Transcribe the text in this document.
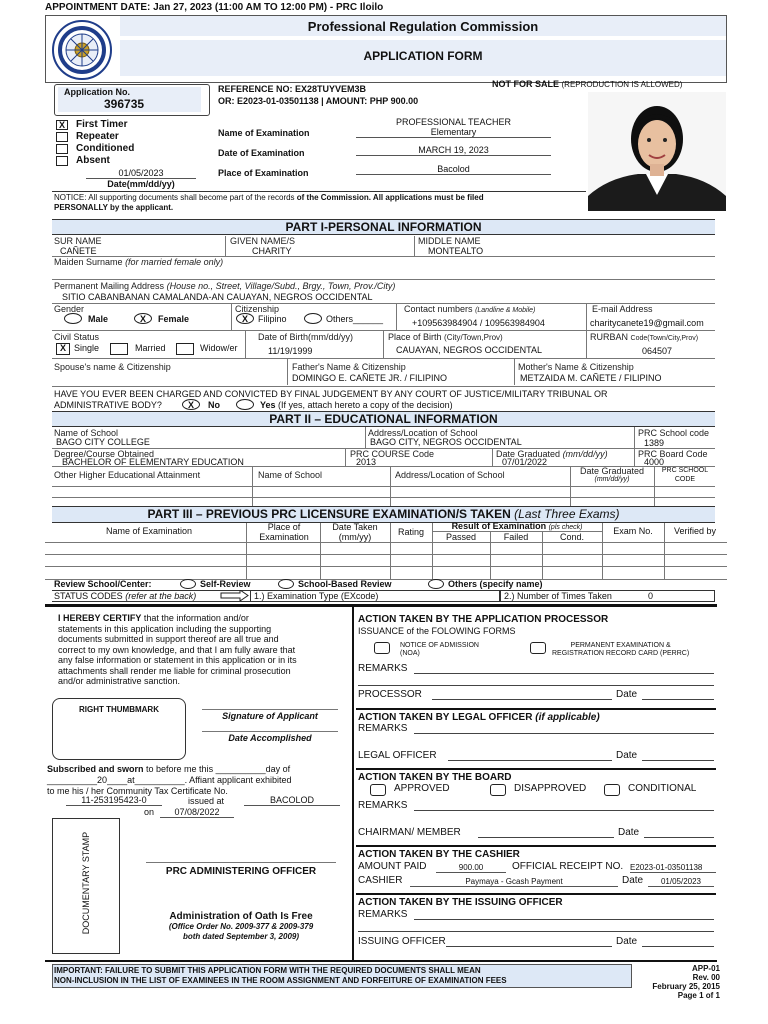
APPOINTMENT DATE: Jan 27, 2023 (11:00 AM TO 12:00 PM) - PRC Iloilo
Professional Regulation Commission
APPLICATION FORM
Application No.
396735
REFERENCE NO: EX28TUYVEM3B
OR: E2023-01-03501138 | AMOUNT: PHP 900.00
NOT FOR SALE (REPRODUCTION IS ALLOWED)
X	First Timer
Repeater
Conditioned
Absent
01/05/2023
Date(mm/dd/yy)
Name of Examination
PROFESSIONAL TEACHER
Elementary
Date of Examination	MARCH 19, 2023
Place of Examination	Bacolod
NOTICE: All supporting documents shall become part of the records of the Commission. All applications must be filed
PERSONALLY by the applicant.
PART I-PERSONAL INFORMATION
SUR NAME
CAÑETE
GIVEN NAME/S
CHARITY
MIDDLE NAME
MONTEALTO
Maiden Surname (for married female only)
Permanent Mailing Address (House no., Street, Village/Subd., Brgy., Town, Prov./City)
SITIO CABANBANAN CAMALANDA-AN CAUAYAN, NEGROS OCCIDENTAL
Gender
Male	X	Female
Citizenship
X	Filipino	Others______
Contact numbers (Landline & Mobile)
+109563984904 / 109563984904
E-mail Address
charitycanete19@gmail.com
Civil Status
X Single	Married	Widow/er
Date of Birth(mm/dd/yy)
11/19/1999
Place of Birth (City/Town,Prov)
CAUAYAN, NEGROS OCCIDENTAL
RURBAN Code(Town/City,Prov)
064507
Spouse's name & Citizenship	Father's Name & Citizenship
DOMINGO E. CAÑETE JR. / FILIPINO
Mother's Name & Citizenship
METZAIDA M. CAÑETE / FILIPINO
HAVE YOU EVER BEEN CHARGED AND CONVICTED BY FINAL JUDGEMENT BY ANY COURT OF JUSTICE/MILITARY TRIBUNAL OR
ADMINISTRATIVE BODY?	X	No	Yes (If yes, attach hereto a copy of the decision)
PART II – EDUCATIONAL INFORMATION
Name of School
BAGO CITY COLLEGE
Address/Location of School
BAGO CITY, NEGROS OCCIDENTAL
PRC School code
1389
Degree/Course Obtained
BACHELOR OF ELEMENTARY EDUCATION
PRC COURSE Code
2013
Date Graduated (mm/dd/yy)
07/01/2022
PRC Board Code
4000
Other Higher Educational Attainment	Name of School	Address/Location of School	Date Graduated
(mm/dd/yy)
PRC SCHOOL CODE
PART III – PREVIOUS PRC LICENSURE EXAMINATION/S TAKEN (Last Three Exams)
Name of Examination	Place of Examination
Date Taken (mm/yy)	Rating
Result of Examination (pls check)
Passed	Failed	Cond.
Exam No.	Verified by
Review School/Center:	Self-Review	School-Based Review	Others (specify name)
STATUS CODES (refer at the back)	1.) Examination Type (EXcode)	2.) Number of Times Taken	0
I HEREBY CERTIFY that the information and/or
statements in this application including the supporting
documents submitted in support thereof are all true and
correct to my own knowledge, and that I am fully aware that
any false information or statement in this application or in its
attachments shall render me liable for criminal prosecution
and/or administrative sanction.
RIGHT THUMBMARK
Signature of Applicant
Date Accomplished
Subscribed and sworn to before me this __________day of
__________20____at__________. Affiant applicant exhibited
to me his / her Community Tax Certificate No.
11-253195423-0	issued at	BACOLOD
on	07/08/2022
DOCUMENTARY STAMP	PRC ADMINISTERING OFFICER
Administration of Oath Is Free
(Office Order No. 2009-377 & 2009-379
both dated September 3, 2009)
ACTION TAKEN BY THE APPLICATION PROCESSOR
ISSUANCE of the FOLOWING FORMS
NOTICE OF ADMISSION
(NOA)
PERMANENT EXAMINATION &
REGISTRATION RECORD CARD (PERRC)
REMARKS
PROCESSOR	Date
ACTION TAKEN BY LEGAL OFFICER (if applicable)
REMARKS
LEGAL OFFICER	Date
ACTION TAKEN BY THE BOARD
APPROVED	DISAPPROVED	CONDITIONAL
REMARKS
CHAIRMAN/ MEMBER	Date
ACTION TAKEN BY THE CASHIER
AMOUNT PAID	900.00	OFFICIAL RECEIPT NO. E2023-01-03501138
CASHIER	Paymaya - Gcash Payment	Date	01/05/2023
ACTION TAKEN BY THE ISSUING OFFICER
REMARKS
ISSUING OFFICER	Date
IMPORTANT: FAILURE TO SUBMIT THIS APPLICATION FORM WITH THE REQUIRED DOCUMENTS SHALL MEAN
NON-INCLUSION IN THE LIST OF EXAMINEES IN THE ROOM ASSIGNMENT AND FORFEITURE OF EXAMINATION FEES
APP-01
Rev. 00
February 25, 2015
Page 1 of 1
